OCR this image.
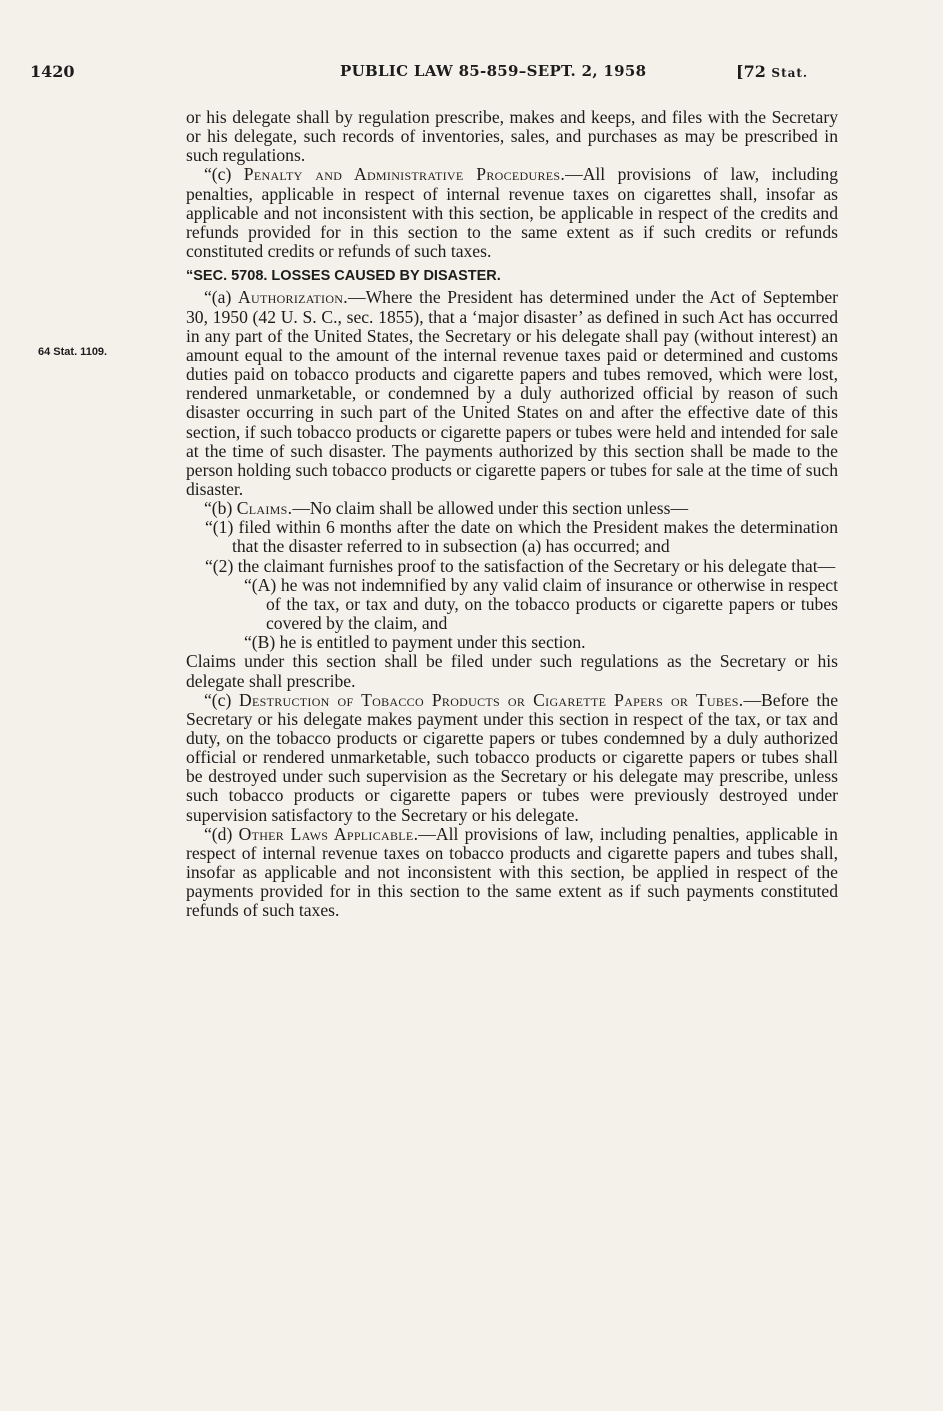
1420	PUBLIC LAW 85-859–SEPT. 2, 1958	[72 Stat.
64 Stat. 1109.

or his delegate shall by regulation prescribe, makes and keeps, and files with the Secretary or his delegate, such records of inventories, sales, and purchases as may be prescribed in such regulations.

“(c) Penalty and Administrative Procedures.—All provisions of law, including penalties, applicable in respect of internal revenue taxes on cigarettes shall, insofar as applicable and not inconsistent with this section, be applicable in respect of the credits and refunds provided for in this section to the same extent as if such credits or refunds constituted credits or refunds of such taxes.

“SEC. 5708. LOSSES CAUSED BY DISASTER.

“(a) Authorization.—Where the President has determined under the Act of September 30, 1950 (42 U. S. C., sec. 1855), that a ‘major disaster’ as defined in such Act has occurred in any part of the United States, the Secretary or his delegate shall pay (without interest) an amount equal to the amount of the internal revenue taxes paid or determined and customs duties paid on tobacco products and cigarette papers and tubes removed, which were lost, rendered unmarketable, or condemned by a duly authorized official by reason of such disaster occurring in such part of the United States on and after the effective date of this section, if such tobacco products or cigarette papers or tubes were held and intended for sale at the time of such disaster. The payments authorized by this section shall be made to the person holding such tobacco products or cigarette papers or tubes for sale at the time of such disaster.

“(b) Claims.—No claim shall be allowed under this section unless—

“(1) filed within 6 months after the date on which the President makes the determination that the disaster referred to in subsection (a) has occurred; and

“(2) the claimant furnishes proof to the satisfaction of the Secretary or his delegate that—

“(A) he was not indemnified by any valid claim of insurance or otherwise in respect of the tax, or tax and duty, on the tobacco products or cigarette papers or tubes covered by the claim, and

“(B) he is entitled to payment under this section.

Claims under this section shall be filed under such regulations as the Secretary or his delegate shall prescribe.

“(c) Destruction of Tobacco Products or Cigarette Papers or Tubes.—Before the Secretary or his delegate makes payment under this section in respect of the tax, or tax and duty, on the tobacco products or cigarette papers or tubes condemned by a duly authorized official or rendered unmarketable, such tobacco products or cigarette papers or tubes shall be destroyed under such supervision as the Secretary or his delegate may prescribe, unless such tobacco products or cigarette papers or tubes were previously destroyed under supervision satisfactory to the Secretary or his delegate.

“(d) Other Laws Applicable.—All provisions of law, including penalties, applicable in respect of internal revenue taxes on tobacco products and cigarette papers and tubes shall, insofar as applicable and not inconsistent with this section, be applied in respect of the payments provided for in this section to the same extent as if such payments constituted refunds of such taxes.
